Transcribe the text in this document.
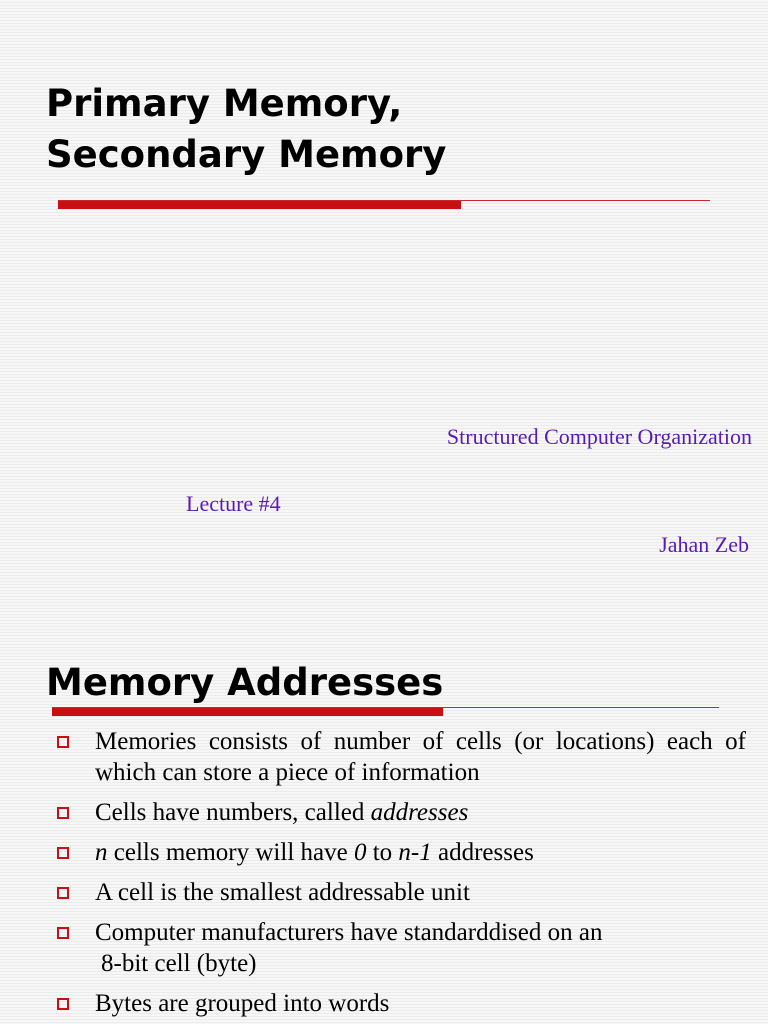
Primary Memory,
Secondary Memory
Structured Computer Organization
Lecture #4
Jahan Zeb
Memory Addresses
Memories consists of number of cells (or locations) each of which can store a piece of information
Cells have numbers, called addresses
n cells memory will have 0 to n-1 addresses
A cell is the smallest addressable unit
Computer manufacturers have standarddised on an
8-bit cell (byte)
Bytes are grouped into words
